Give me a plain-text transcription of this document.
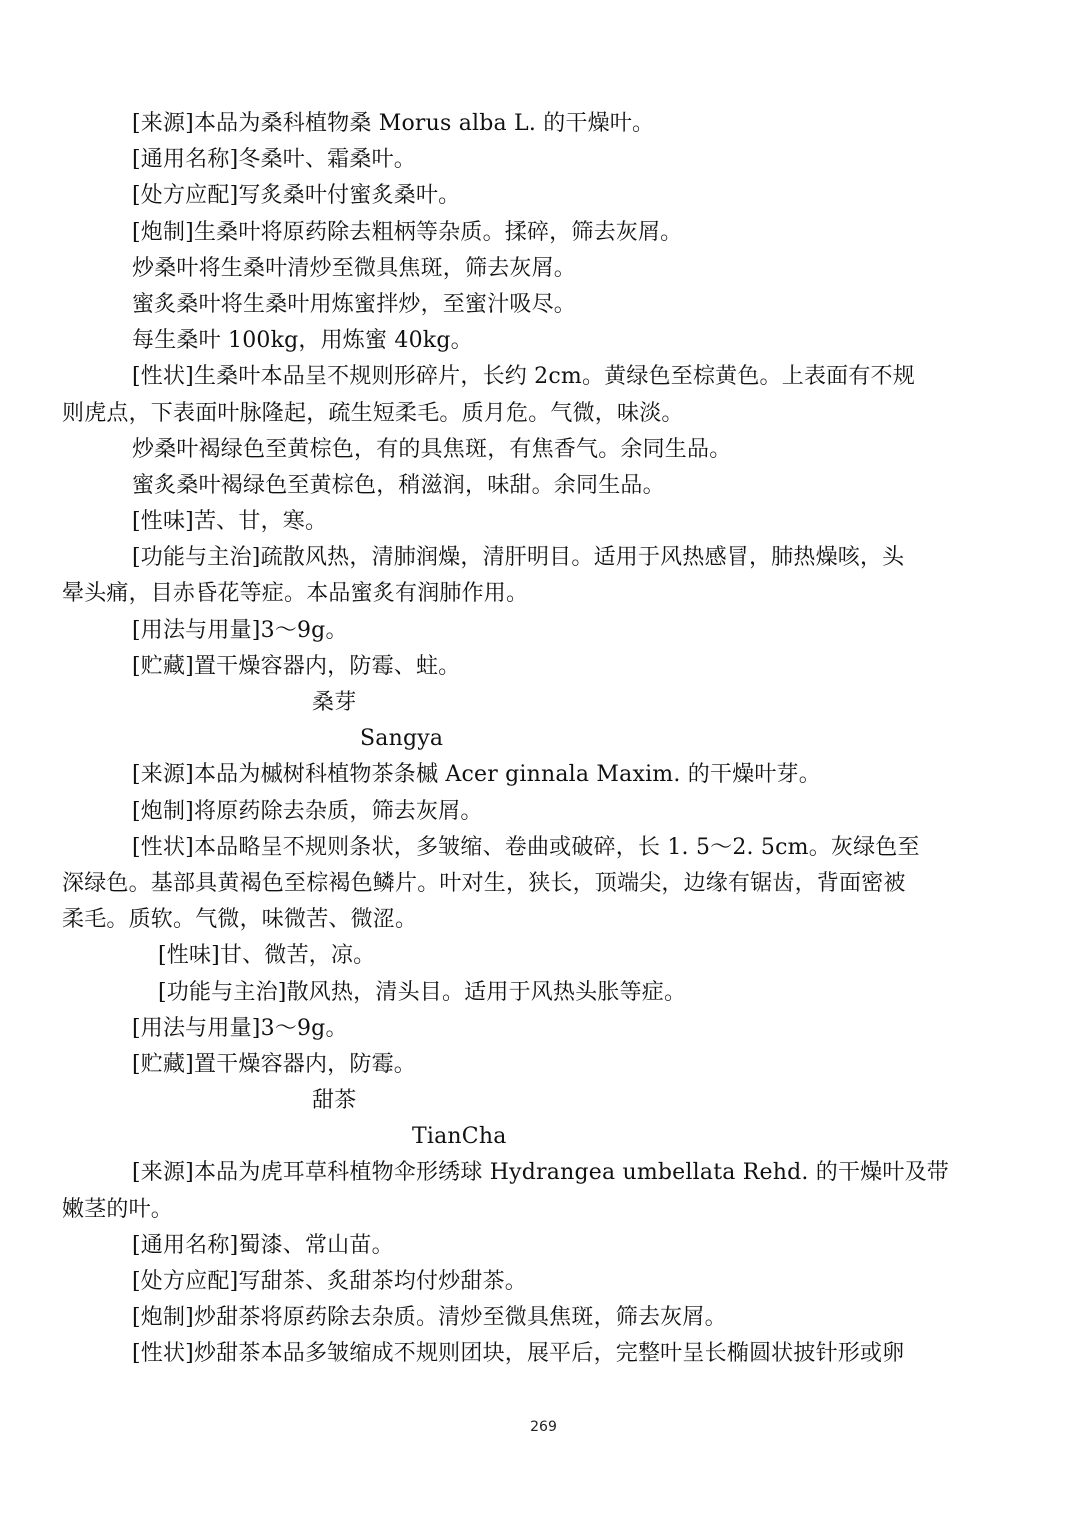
[来源]本品为桑科植物桑 Morus alba L. 的干燥叶。
[通用名称]冬桑叶、霜桑叶。
[处方应配]写炙桑叶付蜜炙桑叶。
[炮制]生桑叶将原药除去粗柄等杂质。揉碎，筛去灰屑。
炒桑叶将生桑叶清炒至微具焦斑，筛去灰屑。
蜜炙桑叶将生桑叶用炼蜜拌炒，至蜜汁吸尽。
每生桑叶 100kg，用炼蜜 40kg。
[性状]生桑叶本品呈不规则形碎片，长约 2cm。黄绿色至棕黄色。上表面有不规
则虎点，下表面叶脉隆起，疏生短柔毛。质月危。气微，味淡。
炒桑叶褐绿色至黄棕色，有的具焦斑，有焦香气。余同生品。
蜜炙桑叶褐绿色至黄棕色，稍滋润，味甜。余同生品。
[性味]苦、甘，寒。
[功能与主治]疏散风热，清肺润燥，清肝明目。适用于风热感冒，肺热燥咳，头
晕头痛，目赤昏花等症。本品蜜炙有润肺作用。
[用法与用量]3～9g。
[贮藏]置干燥容器内，防霉、蛀。
桑芽
Sangya
[来源]本品为槭树科植物茶条槭 Acer ginnala Maxim. 的干燥叶芽。
[炮制]将原药除去杂质，筛去灰屑。
[性状]本品略呈不规则条状，多皱缩、卷曲或破碎，长 1. 5～2. 5cm。灰绿色至
深绿色。基部具黄褐色至棕褐色鳞片。叶对生，狭长，顶端尖，边缘有锯齿，背面密被
柔毛。质软。气微，味微苦、微涩。
[性味]甘、微苦，凉。
[功能与主治]散风热，清头目。适用于风热头胀等症。
[用法与用量]3～9g。
[贮藏]置干燥容器内，防霉。
甜茶
TianCha
[来源]本品为虎耳草科植物伞形绣球 Hydrangea umbellata Rehd. 的干燥叶及带
嫩茎的叶。
[通用名称]蜀漆、常山苗。
[处方应配]写甜茶、炙甜茶均付炒甜茶。
[炮制]炒甜茶将原药除去杂质。清炒至微具焦斑，筛去灰屑。
[性状]炒甜茶本品多皱缩成不规则团块，展平后，完整叶呈长椭圆状披针形或卵
269
